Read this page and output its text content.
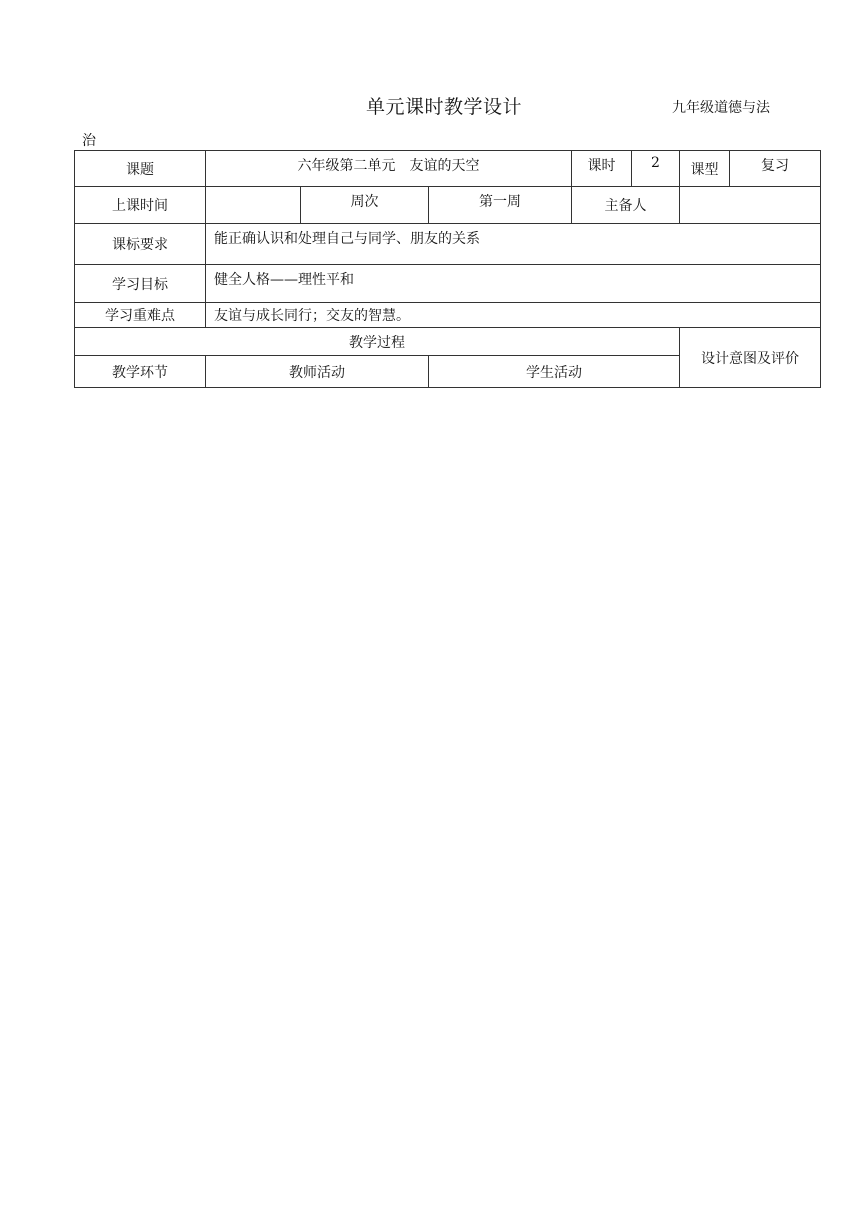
单元课时教学设计	九年级道德与法
治
课题	六年级第二单元　友谊的天空			课时	2	课型	复习
上课时间		周次	第一周	主备人			
课标要求	能正确认识和处理自己与同学、朋友的关系						
学习目标	健全人格——理性平和						
学习重难点	友谊与成长同行；交友的智慧。						
教学过程						设计意图及评价	
教学环节	教师活动		学生活动				
